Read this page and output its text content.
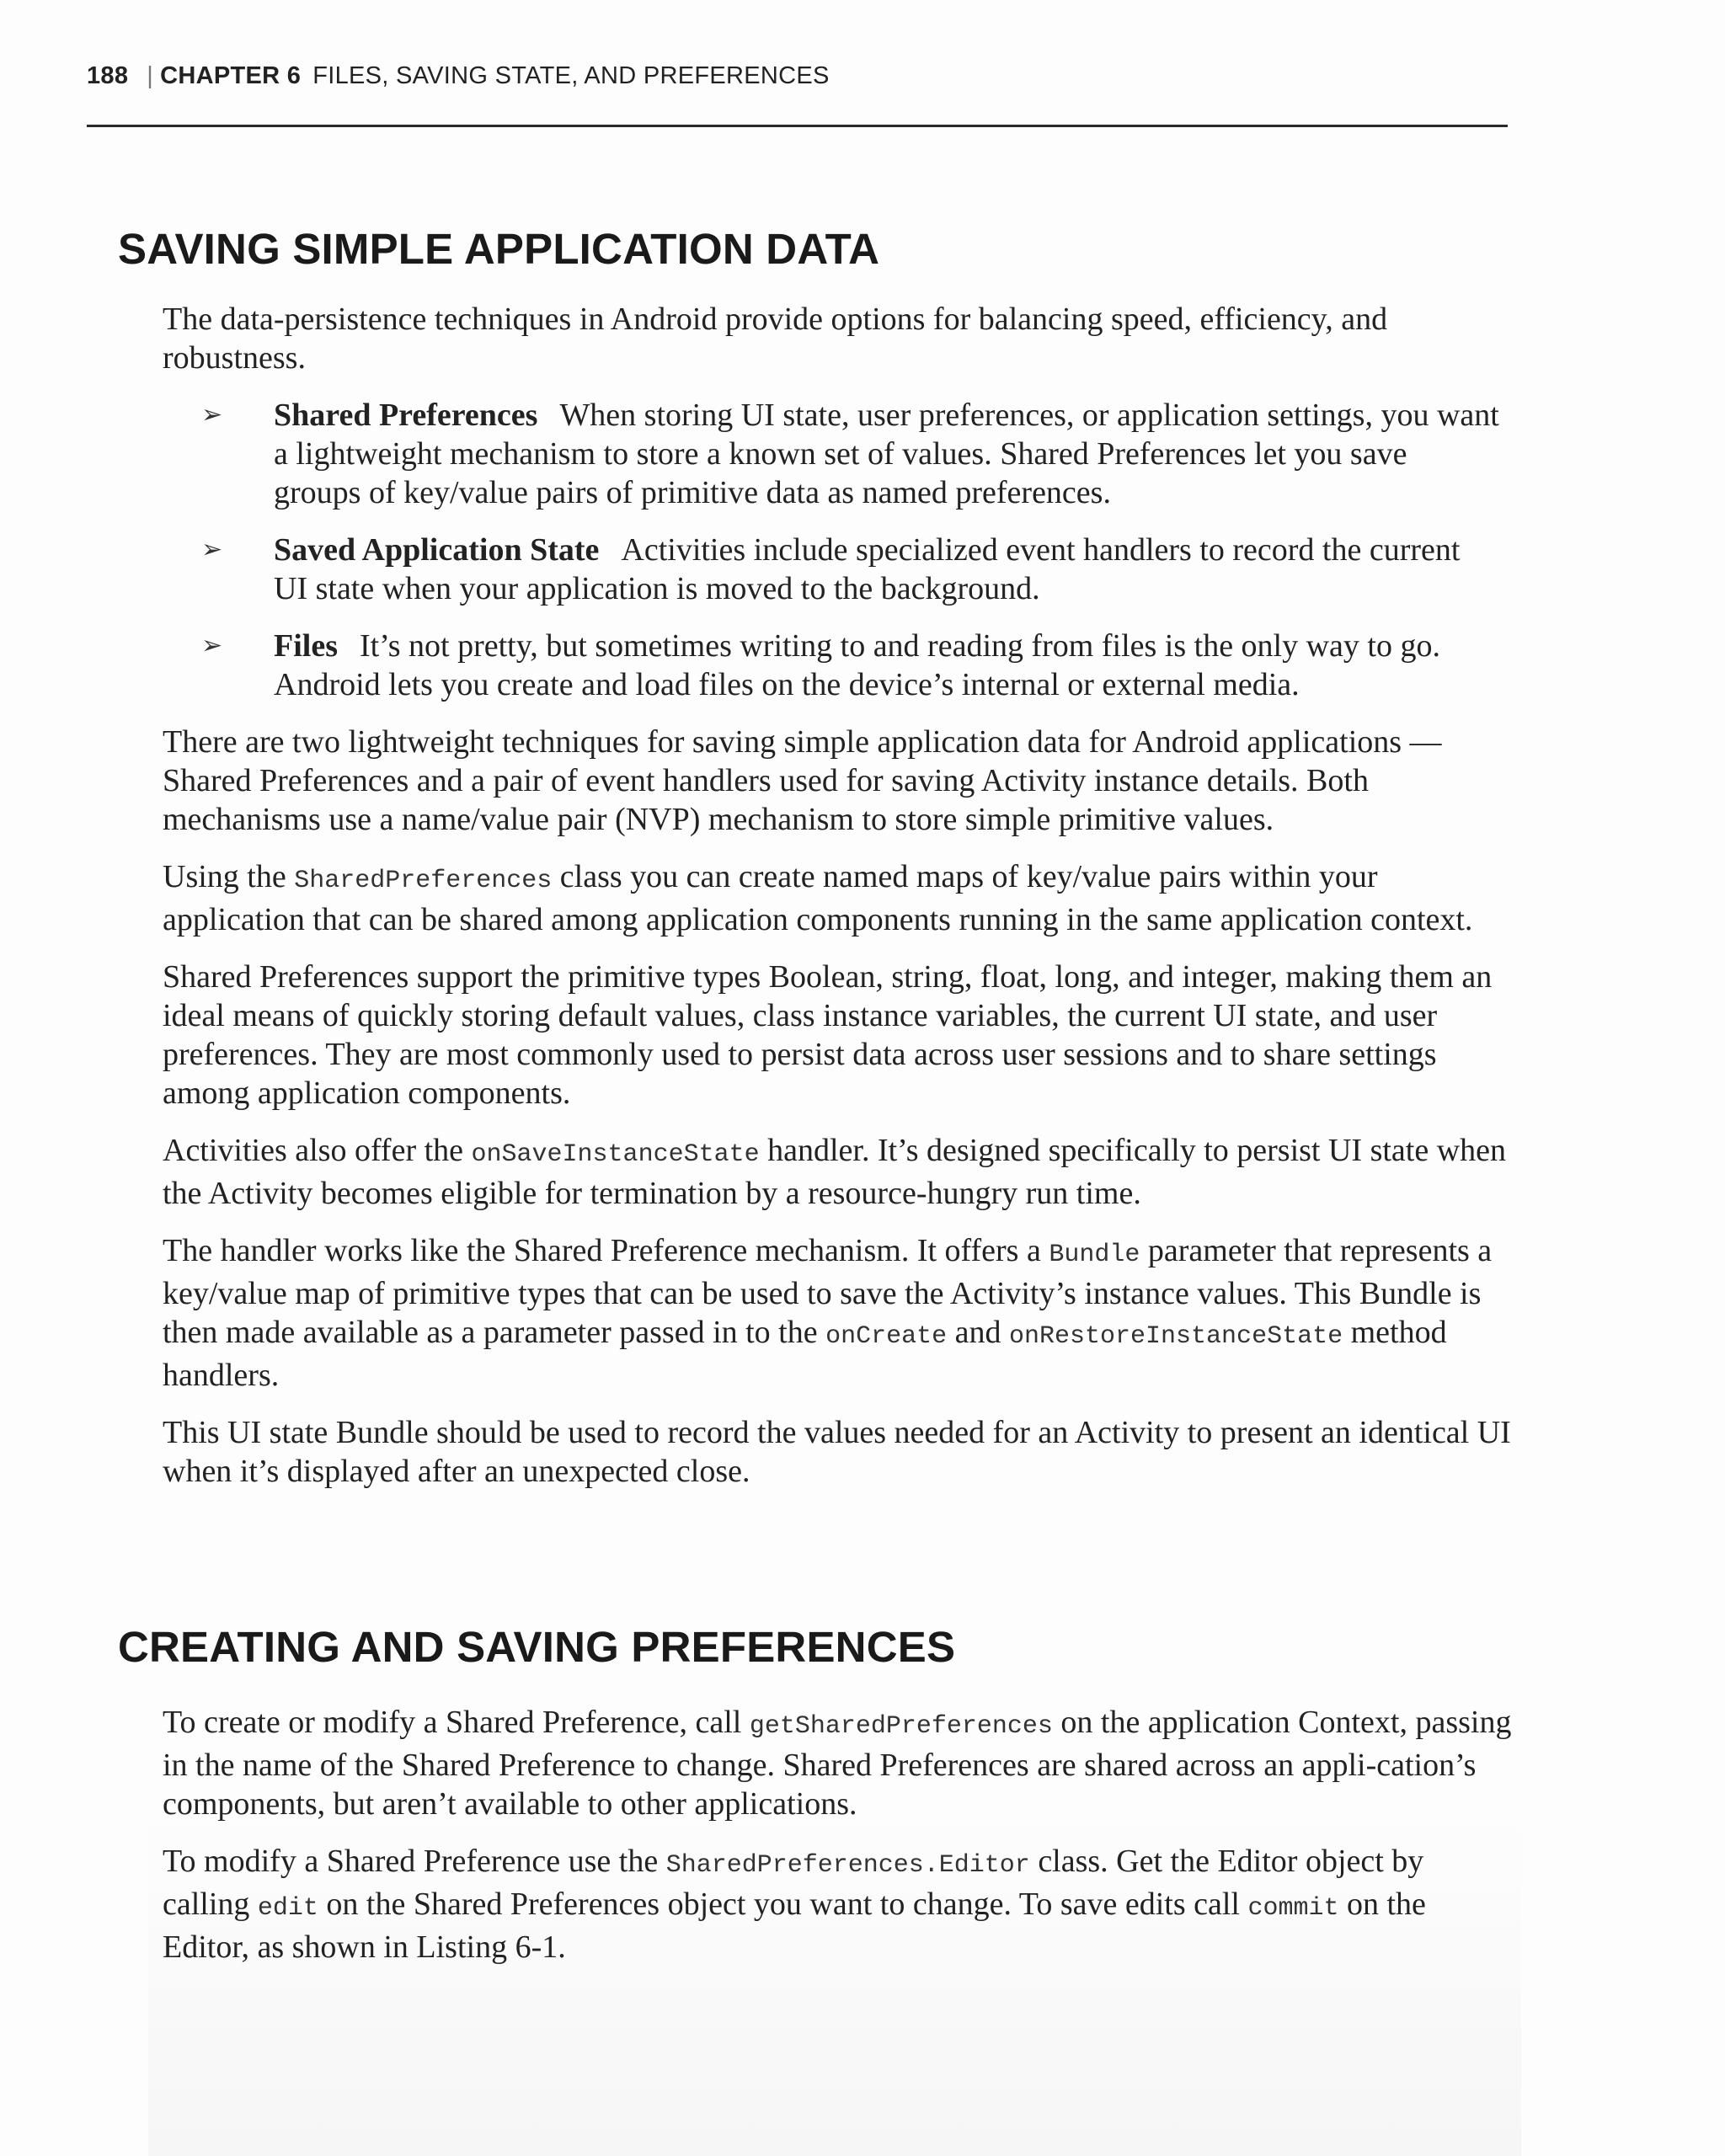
188 | CHAPTER 6 FILES, SAVING STATE, AND PREFERENCES
SAVING SIMPLE APPLICATION DATA

The data-persistence techniques in Android provide options for balancing speed, efficiency, and robustness.

➢ Shared Preferences When storing UI state, user preferences, or application settings, you want a lightweight mechanism to store a known set of values. Shared Preferences let you save groups of key/value pairs of primitive data as named preferences.
➢ Saved Application State Activities include specialized event handlers to record the current UI state when your application is moved to the background.
➢ Files It’s not pretty, but sometimes writing to and reading from files is the only way to go. Android lets you create and load files on the device’s internal or external media.

There are two lightweight techniques for saving simple application data for Android applications — Shared Preferences and a pair of event handlers used for saving Activity instance details. Both mechanisms use a name/value pair (NVP) mechanism to store simple primitive values.

Using the SharedPreferences class you can create named maps of key/value pairs within your application that can be shared among application components running in the same application context.

Shared Preferences support the primitive types Boolean, string, float, long, and integer, making them an ideal means of quickly storing default values, class instance variables, the current UI state, and user preferences. They are most commonly used to persist data across user sessions and to share settings among application components.

Activities also offer the onSaveInstanceState handler. It’s designed specifically to persist UI state when the Activity becomes eligible for termination by a resource-hungry run time.

The handler works like the Shared Preference mechanism. It offers a Bundle parameter that represents a key/value map of primitive types that can be used to save the Activity’s instance values. This Bundle is then made available as a parameter passed in to the onCreate and onRestoreInstanceState method handlers.

This UI state Bundle should be used to record the values needed for an Activity to present an identical UI when it’s displayed after an unexpected close.

CREATING AND SAVING PREFERENCES

To create or modify a Shared Preference, call getSharedPreferences on the application Context, passing in the name of the Shared Preference to change. Shared Preferences are shared across an appli-cation’s components, but aren’t available to other applications.

To modify a Shared Preference use the SharedPreferences.Editor class. Get the Editor object by calling edit on the Shared Preferences object you want to change. To save edits call commit on the Editor, as shown in Listing 6-1.
